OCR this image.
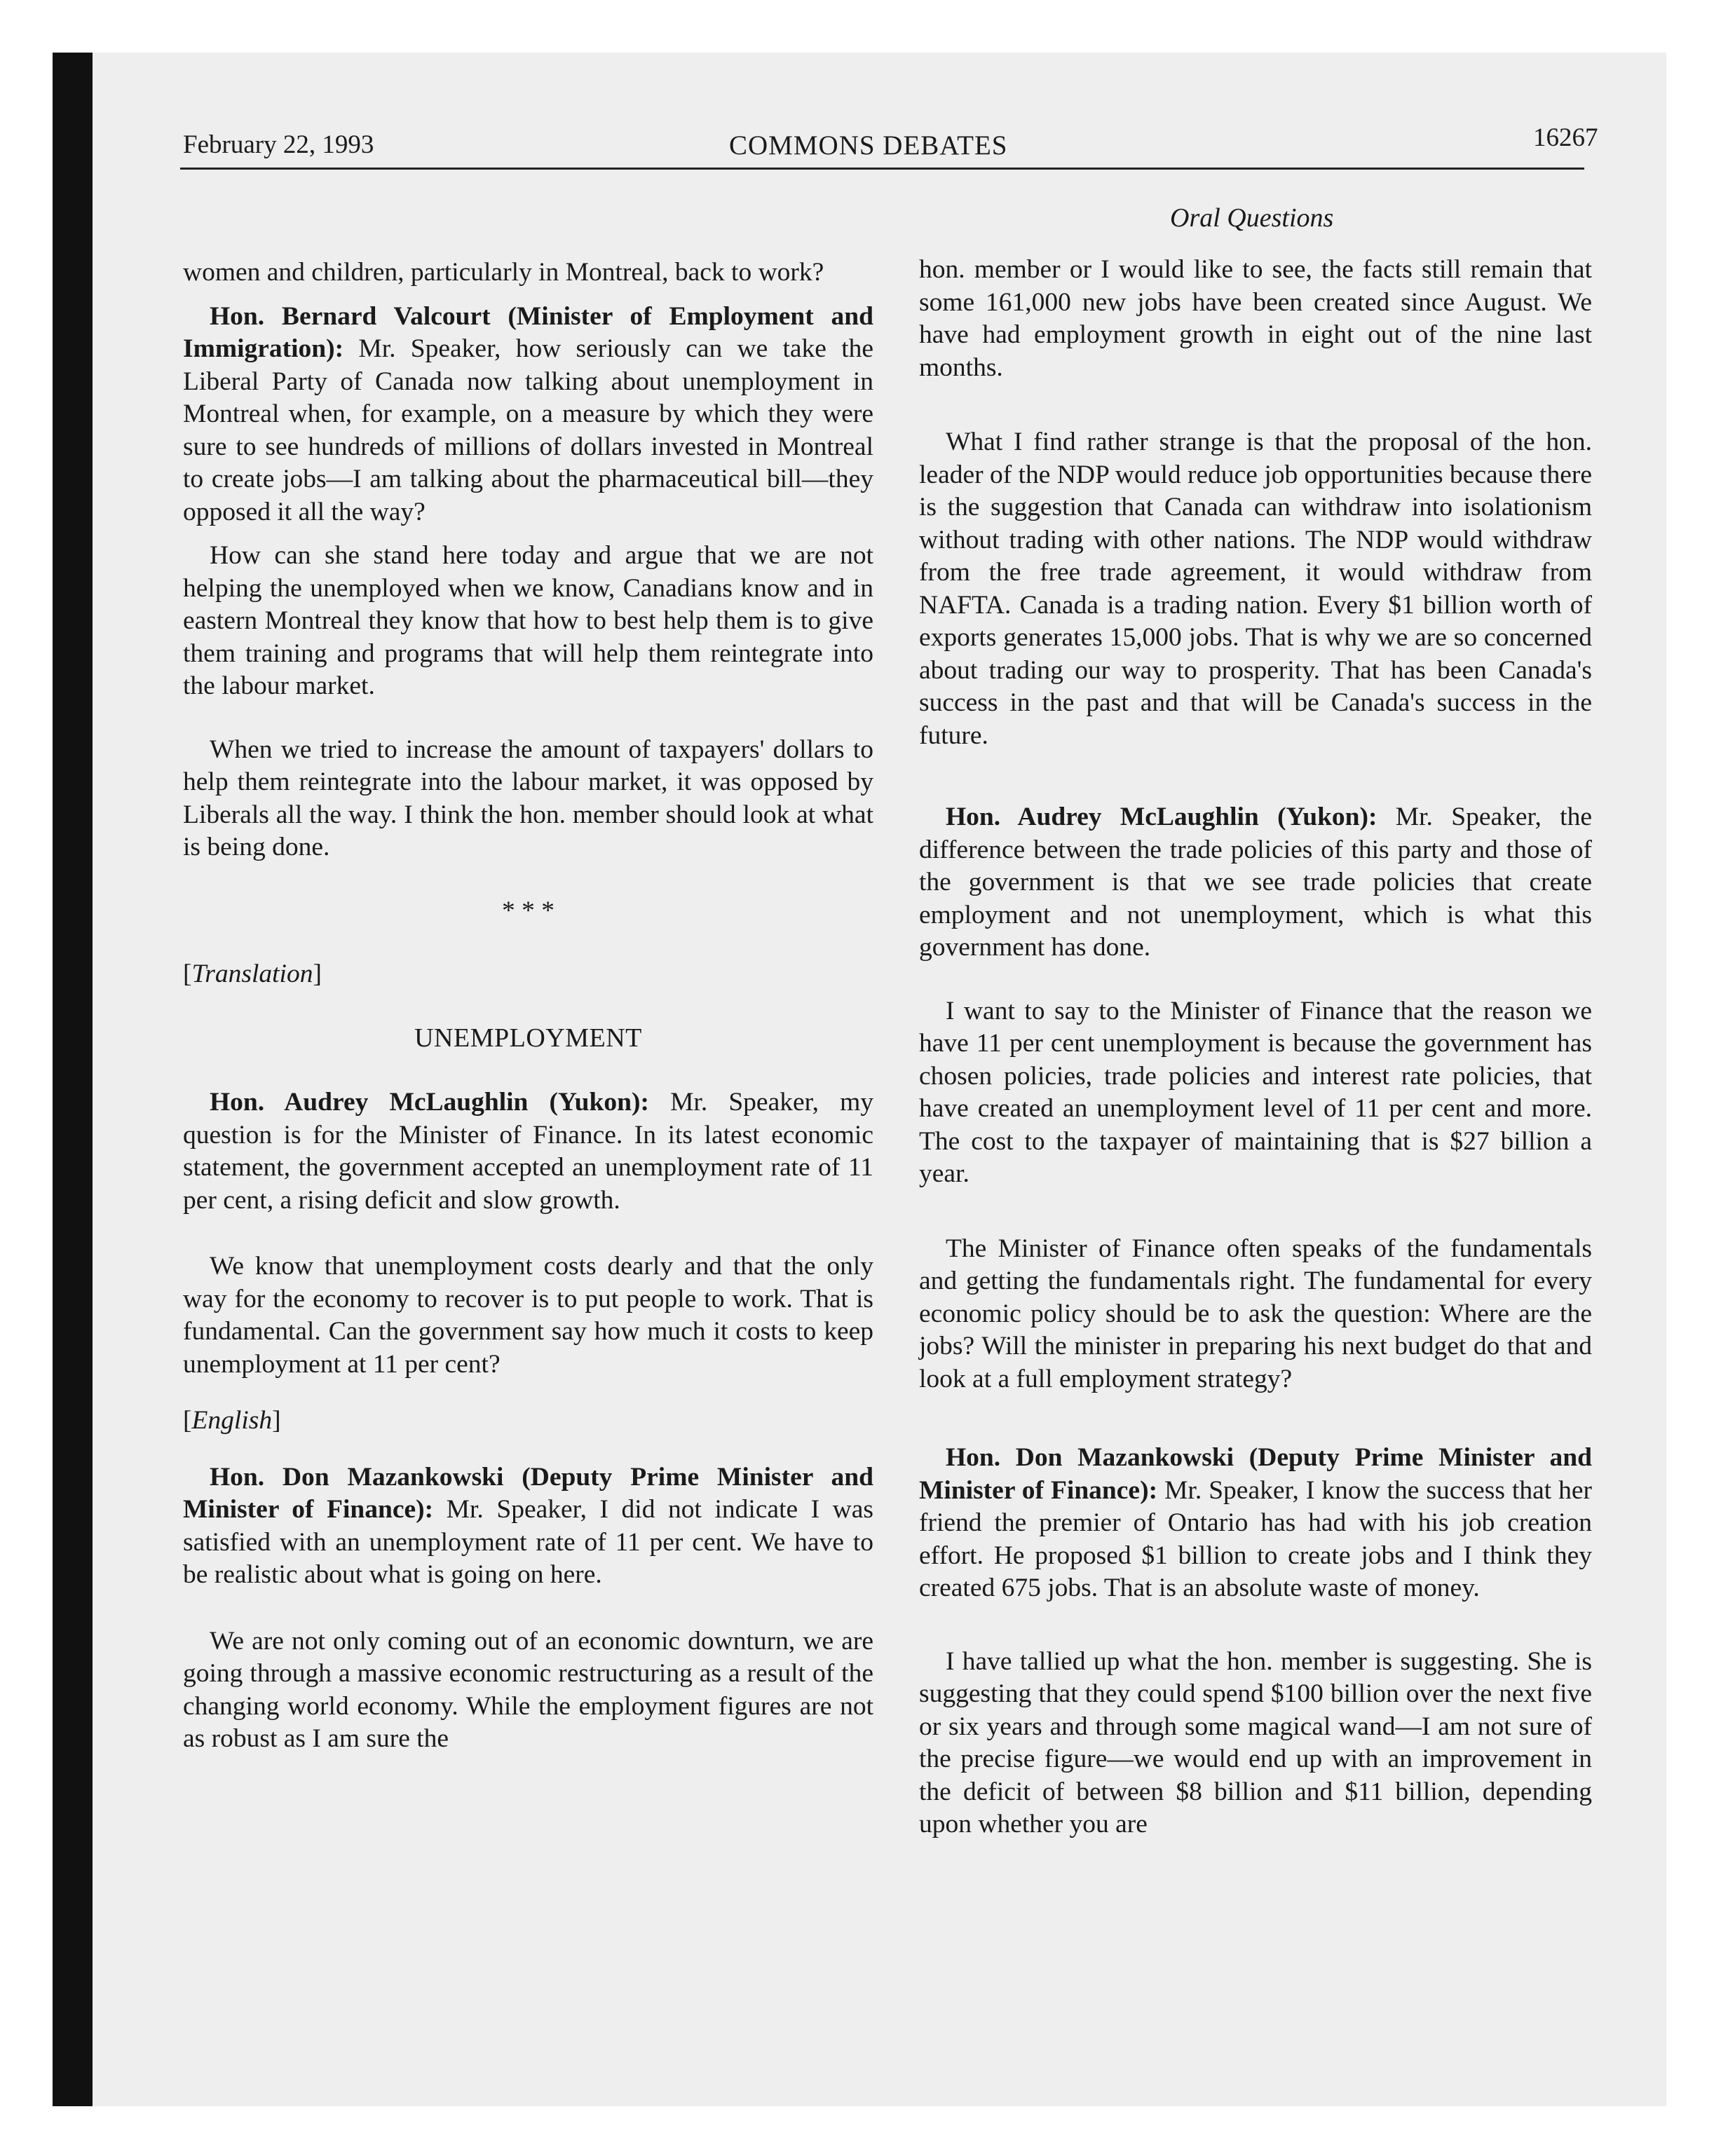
February 22, 1993	COMMONS DEBATES	16267
Oral Questions

women and children, particularly in Montreal, back to work?

Hon. Bernard Valcourt (Minister of Employment and Immigration): Mr. Speaker, how seriously can we take the Liberal Party of Canada now talking about unemployment in Montreal when, for example, on a measure by which they were sure to see hundreds of millions of dollars invested in Montreal to create jobs—I am talking about the pharmaceutical bill—they opposed it all the way?

How can she stand here today and argue that we are not helping the unemployed when we know, Canadians know and in eastern Montreal they know that how to best help them is to give them training and programs that will help them reintegrate into the labour market.

When we tried to increase the amount of taxpayers' dollars to help them reintegrate into the labour market, it was opposed by Liberals all the way. I think the hon. member should look at what is being done.

* * *

[Translation]

UNEMPLOYMENT

Hon. Audrey McLaughlin (Yukon): Mr. Speaker, my question is for the Minister of Finance. In its latest economic statement, the government accepted an unemployment rate of 11 per cent, a rising deficit and slow growth.

We know that unemployment costs dearly and that the only way for the economy to recover is to put people to work. That is fundamental. Can the government say how much it costs to keep unemployment at 11 per cent?

[English]

Hon. Don Mazankowski (Deputy Prime Minister and Minister of Finance): Mr. Speaker, I did not indicate I was satisfied with an unemployment rate of 11 per cent. We have to be realistic about what is going on here.

We are not only coming out of an economic downturn, we are going through a massive economic restructuring as a result of the changing world economy. While the employment figures are not as robust as I am sure the

hon. member or I would like to see, the facts still remain that some 161,000 new jobs have been created since August. We have had employment growth in eight out of the nine last months.

What I find rather strange is that the proposal of the hon. leader of the NDP would reduce job opportunities because there is the suggestion that Canada can withdraw into isolationism without trading with other nations. The NDP would withdraw from the free trade agreement, it would withdraw from NAFTA. Canada is a trading nation. Every $1 billion worth of exports generates 15,000 jobs. That is why we are so concerned about trading our way to prosperity. That has been Canada's success in the past and that will be Canada's success in the future.

Hon. Audrey McLaughlin (Yukon): Mr. Speaker, the difference between the trade policies of this party and those of the government is that we see trade policies that create employment and not unemployment, which is what this government has done.

I want to say to the Minister of Finance that the reason we have 11 per cent unemployment is because the government has chosen policies, trade policies and interest rate policies, that have created an unemployment level of 11 per cent and more. The cost to the taxpayer of maintaining that is $27 billion a year.

The Minister of Finance often speaks of the fundamentals and getting the fundamentals right. The fundamental for every economic policy should be to ask the question: Where are the jobs? Will the minister in preparing his next budget do that and look at a full employment strategy?

Hon. Don Mazankowski (Deputy Prime Minister and Minister of Finance): Mr. Speaker, I know the success that her friend the premier of Ontario has had with his job creation effort. He proposed $1 billion to create jobs and I think they created 675 jobs. That is an absolute waste of money.

I have tallied up what the hon. member is suggesting. She is suggesting that they could spend $100 billion over the next five or six years and through some magical wand—I am not sure of the precise figure—we would end up with an improvement in the deficit of between $8 billion and $11 billion, depending upon whether you are
